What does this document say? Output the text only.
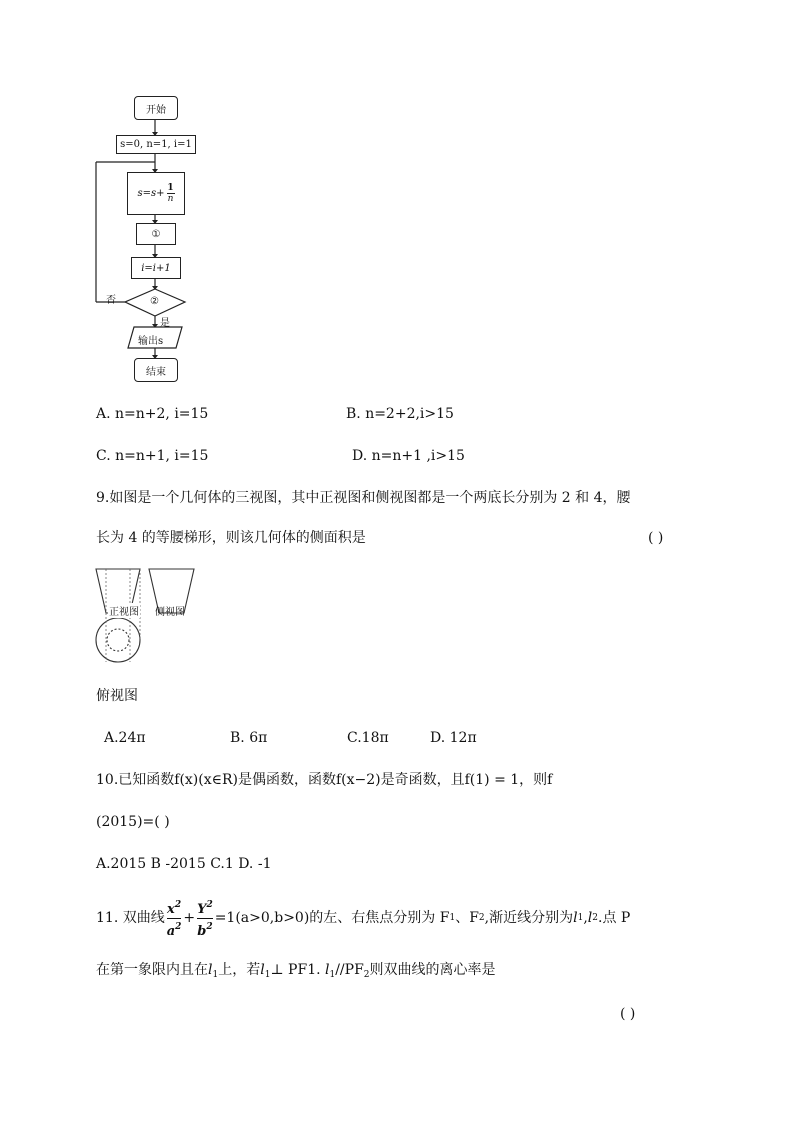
开始
s=0, n=1, i=1
s=s+ 1
n
①
i=i+1
②
否
是
输出s
结束
A. n=n+2, i=15	B. n=2+2,i>15
C. n=n+1, i=15	D. n=n+1 ,i>15
9.如图是一个几何体的三视图，其中正视图和侧视图都是一个两底长分别为 2 和 4，腰
长为 4 的等腰梯形，则该几何体的侧面积是	( )
正视图 侧视图
俯视图
A.24π	B. 6π	C.18π	D. 12π
10.已知函数f(x)(x∈R)是偶函数，函数f(x−2)是奇函数，且f(1) = 1，则f
(2015)=( )
A.2015 B -2015 C.1 D. -1
11. 双曲线 $\frac{x^2}{a^2} + \frac{Y^2}{b^2} =1(a>0,b>0)$的左、右焦点分别为 F 1 、F 2 ,渐近线分别为 l 1 , l 2 .点 P
在第一象限内且在$l_1$上，若$l_1\perp$ PF1. $l_1//PF_2$则双曲线的离心率是
( )
